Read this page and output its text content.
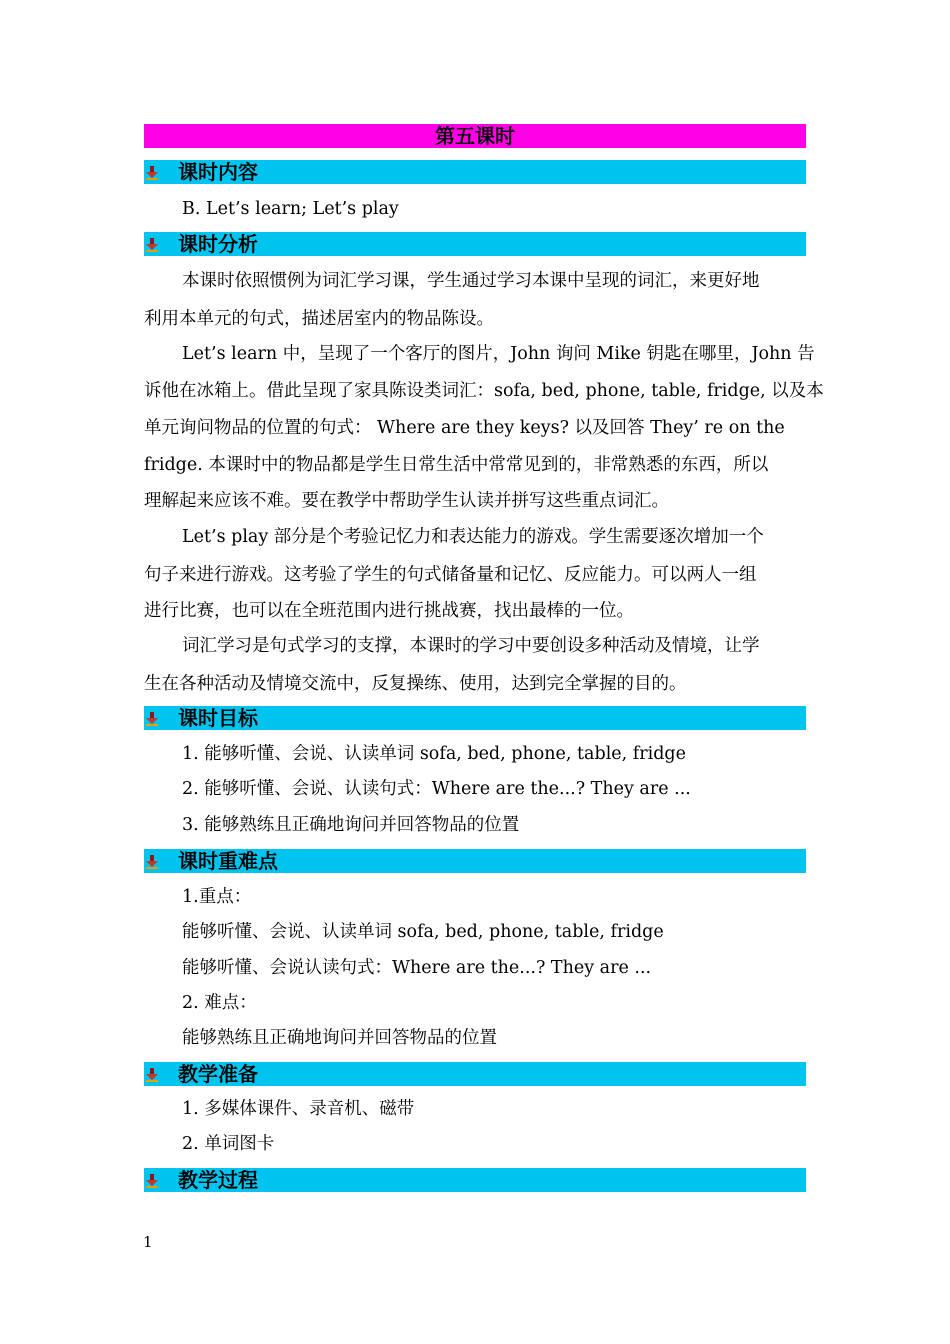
第五课时
课时内容
B. Let’s learn; Let’s play
课时分析
本课时依照惯例为词汇学习课，学生通过学习本课中呈现的词汇，来更好地
利用本单元的句式，描述居室内的物品陈设。
Let’s learn 中，呈现了一个客厅的图片，John 询问 Mike 钥匙在哪里，John 告
诉他在冰箱上。借此呈现了家具陈设类词汇：sofa, bed, phone, table, fridge, 以及本
单元询问物品的位置的句式： Where are they keys? 以及回答 They’ re on the
fridge. 本课时中的物品都是学生日常生活中常常见到的，非常熟悉的东西，所以
理解起来应该不难。要在教学中帮助学生认读并拼写这些重点词汇。
Let’s play 部分是个考验记忆力和表达能力的游戏。学生需要逐次增加一个
句子来进行游戏。这考验了学生的句式储备量和记忆、反应能力。可以两人一组
进行比赛，也可以在全班范围内进行挑战赛，找出最棒的一位。
词汇学习是句式学习的支撑，本课时的学习中要创设多种活动及情境，让学
生在各种活动及情境交流中，反复操练、使用，达到完全掌握的目的。
课时目标
1. 能够听懂、会说、认读单词 sofa, bed, phone, table, fridge
2. 能够听懂、会说、认读句式：Where are the...? They are ...
3. 能够熟练且正确地询问并回答物品的位置
课时重难点
1.重点：
能够听懂、会说、认读单词 sofa, bed, phone, table, fridge
能够听懂、会说认读句式：Where are the...? They are ...
2. 难点：
能够熟练且正确地询问并回答物品的位置
教学准备
1. 多媒体课件、录音机、磁带
2. 单词图卡
教学过程
1
